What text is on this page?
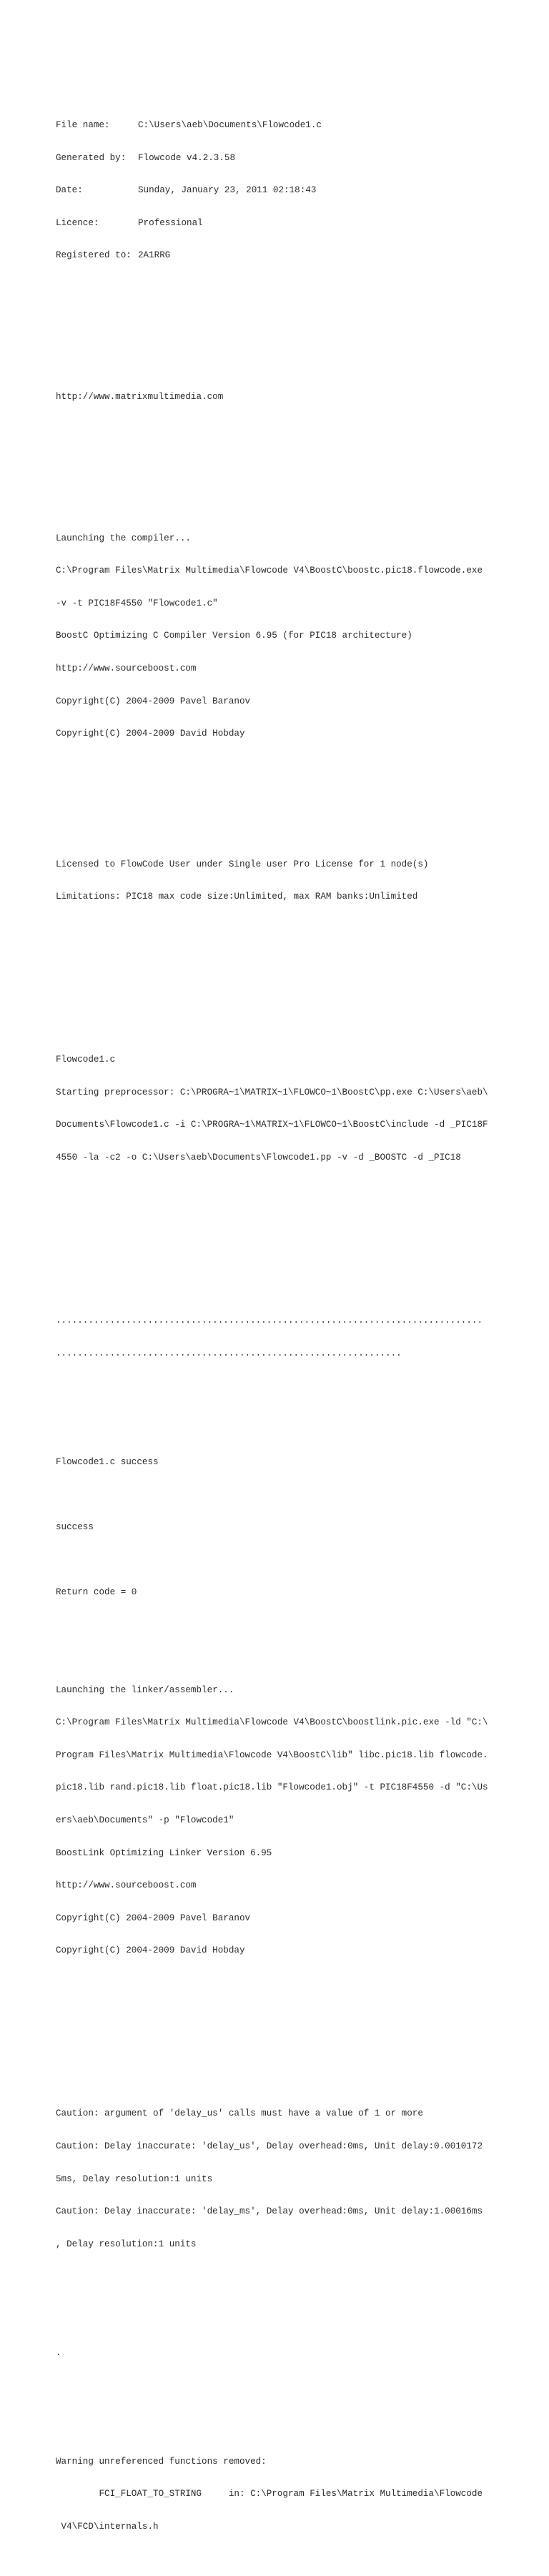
File name:	C:\Users\aeb\Documents\Flowcode1.c

Generated by: Flowcode v4.2.3.58

Date:	Sunday, January 23, 2011 02:18:43

Licence:	Professional

Registered to: 2A1RRG

http://www.matrixmultimedia.com

Launching the compiler...

C:\Program Files\Matrix Multimedia\Flowcode V4\BoostC\boostc.pic18.flowcode.exe

-v -t PIC18F4550 "Flowcode1.c"

BoostC Optimizing C Compiler Version 6.95 (for PIC18 architecture)

http://www.sourceboost.com

Copyright(C) 2004-2009 Pavel Baranov

Copyright(C) 2004-2009 David Hobday

Licensed to FlowCode User under Single user Pro License for 1 node(s)

Limitations: PIC18 max code size:Unlimited, max RAM banks:Unlimited

Flowcode1.c

Starting preprocessor: C:\PROGRA~1\MATRIX~1\FLOWCO~1\BoostC\pp.exe C:\Users\aeb\

Documents\Flowcode1.c -i C:\PROGRA~1\MATRIX~1\FLOWCO~1\BoostC\include -d _PIC18F

4550 -la -c2 -o C:\Users\aeb\Documents\Flowcode1.pp -v -d _BOOSTC -d _PIC18

...............................................................................

................................................................

Flowcode1.c success

success

Return code = 0

Launching the linker/assembler...

C:\Program Files\Matrix Multimedia\Flowcode V4\BoostC\boostlink.pic.exe -ld "C:\

Program Files\Matrix Multimedia\Flowcode V4\BoostC\lib" libc.pic18.lib flowcode.

pic18.lib rand.pic18.lib float.pic18.lib "Flowcode1.obj" -t PIC18F4550 -d "C:\Us

ers\aeb\Documents" -p "Flowcode1"

BoostLink Optimizing Linker Version 6.95

http://www.sourceboost.com

Copyright(C) 2004-2009 Pavel Baranov

Copyright(C) 2004-2009 David Hobday

Caution: argument of 'delay_us' calls must have a value of 1 or more

Caution: Delay inaccurate: 'delay_us', Delay overhead:0ms, Unit delay:0.0010172

5ms, Delay resolution:1 units

Caution: Delay inaccurate: 'delay_ms', Delay overhead:0ms, Unit delay:1.00016ms

, Delay resolution:1 units

.

Warning unreferenced functions removed:

FCI_FLOAT_TO_STRING     in: C:\Program Files\Matrix Multimedia\Flowcode

V4\FCD\internals.h
